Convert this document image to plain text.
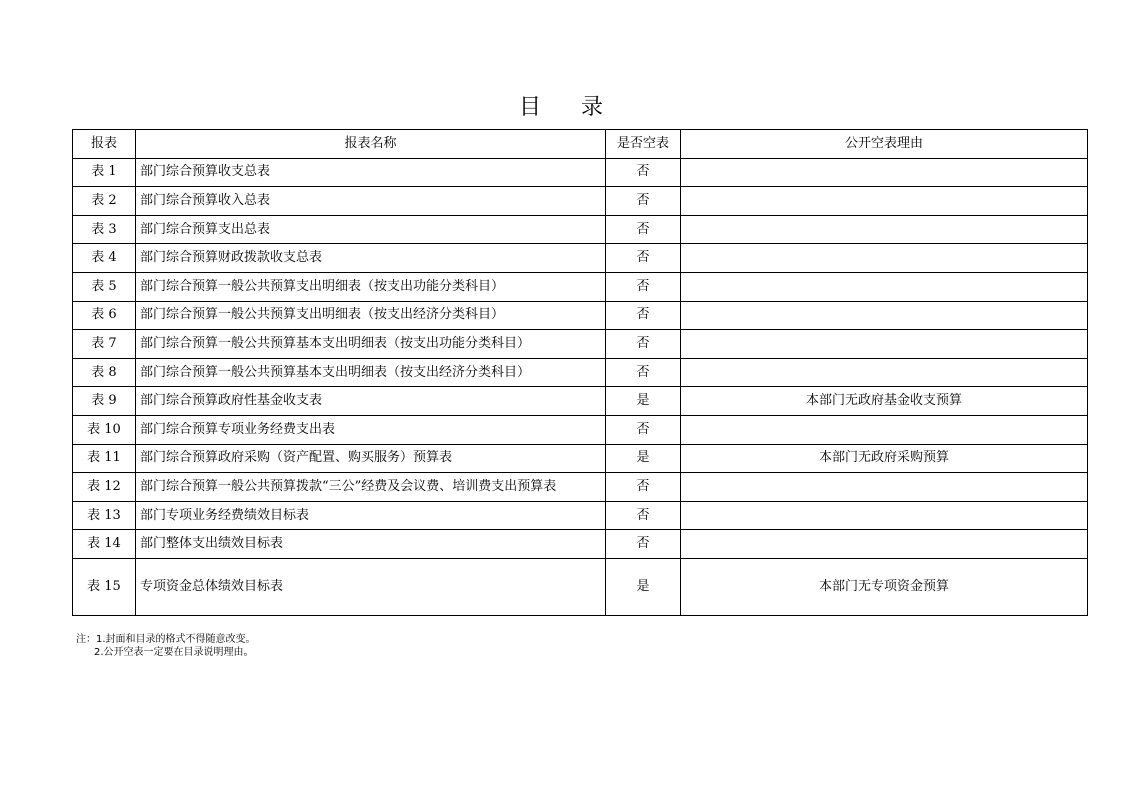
目 录
报表	报表名称	是否空表	公开空表理由
表 1	部门综合预算收支总表	否	
表 2	部门综合预算收入总表	否	
表 3	部门综合预算支出总表	否	
表 4	部门综合预算财政拨款收支总表	否	
表 5	部门综合预算一般公共预算支出明细表（按支出功能分类科目）	否	
表 6	部门综合预算一般公共预算支出明细表（按支出经济分类科目）	否	
表 7	部门综合预算一般公共预算基本支出明细表（按支出功能分类科目）	否	
表 8	部门综合预算一般公共预算基本支出明细表（按支出经济分类科目）	否	
表 9	部门综合预算政府性基金收支表	是	本部门无政府基金收支预算
表 10	部门综合预算专项业务经费支出表	否	
表 11	部门综合预算政府采购（资产配置、购买服务）预算表	是	本部门无政府采购预算
表 12	部门综合预算一般公共预算拨款“三公”经费及会议费、培训费支出预算表	否	
表 13	部门专项业务经费绩效目标表	否	
表 14	部门整体支出绩效目标表	否	
表 15	专项资金总体绩效目标表	是	本部门无专项资金预算
注：1.封面和目录的格式不得随意改变。
2.公开空表一定要在目录说明理由。
